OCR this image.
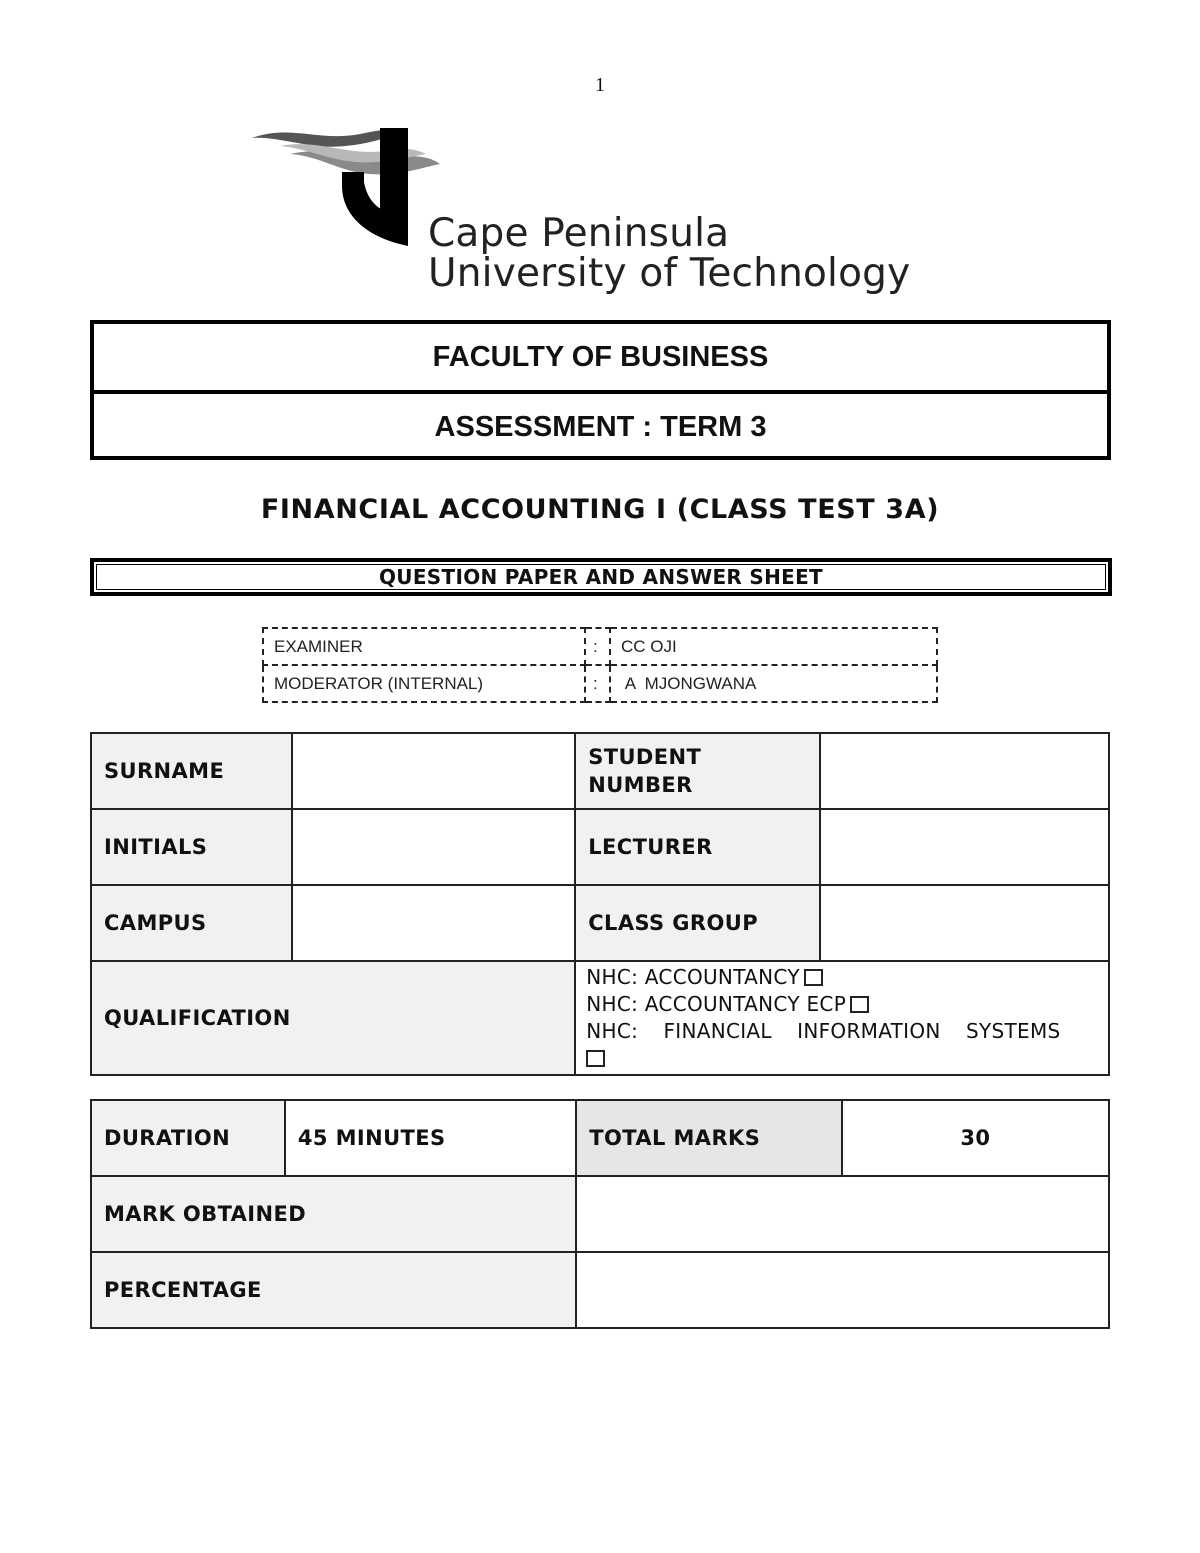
1
Cape Peninsula
University of Technology
FACULTY OF BUSINESS
ASSESSMENT : TERM 3
FINANCIAL ACCOUNTING I (CLASS TEST 3A)
QUESTION PAPER AND ANSWER SHEET
EXAMINER	:	CC OJI
MODERATOR (INTERNAL)	:	A  MJONGWANA
SURNAME		STUDENT NUMBER	
INITIALS		LECTURER	
CAMPUS		CLASS GROUP	
QUALIFICATION		NHC: ACCOUNTANCY
NHC: ACCOUNTANCY ECP
NHC:  FINANCIAL  INFORMATION  SYSTEMS	

DURATION	45 MINUTES	TOTAL MARKS	30
MARK OBTAINED			
PERCENTAGE			
